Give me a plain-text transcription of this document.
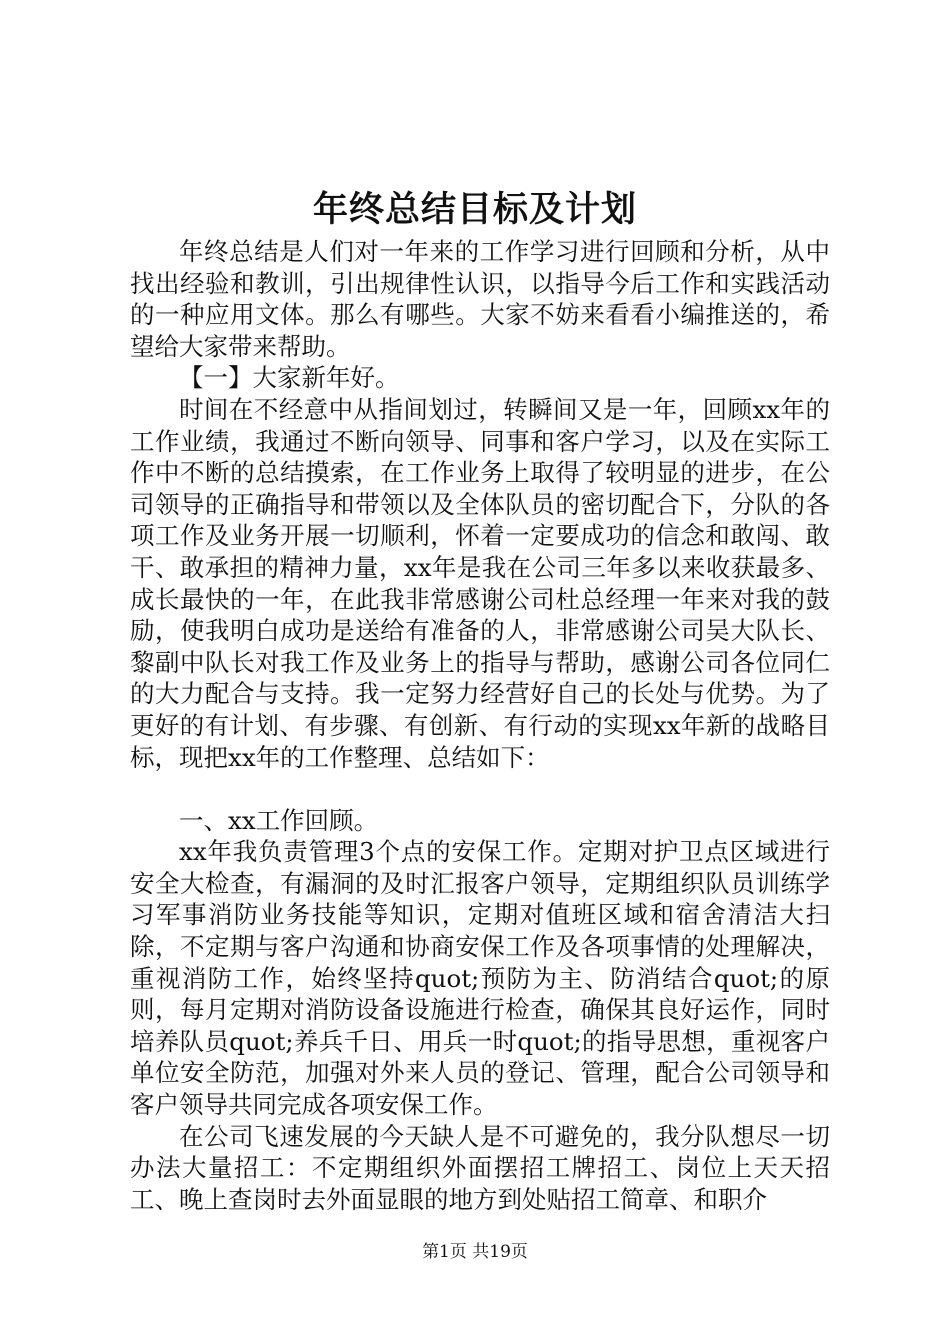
年终总结目标及计划

年终总结是人们对一年来的工作学习进行回顾和分析，从中找出经验和教训，引出规律性认识，以指导今后工作和实践活动的一种应用文体。那么有哪些。大家不妨来看看小编推送的，希望给大家带来帮助。

【一】大家新年好。

时间在不经意中从指间划过，转瞬间又是一年，回顾xx年的工作业绩，我通过不断向领导、同事和客户学习，以及在实际工作中不断的总结摸索，在工作业务上取得了较明显的进步，在公司领导的正确指导和带领以及全体队员的密切配合下，分队的各项工作及业务开展一切顺利，怀着一定要成功的信念和敢闯、敢干、敢承担的精神力量，xx年是我在公司三年多以来收获最多、成长最快的一年，在此我非常感谢公司杜总经理一年来对我的鼓励，使我明白成功是送给有准备的人，非常感谢公司吴大队长、黎副中队长对我工作及业务上的指导与帮助，感谢公司各位同仁的大力配合与支持。我一定努力经营好自己的长处与优势。为了更好的有计划、有步骤、有创新、有行动的实现xx年新的战略目标，现把xx年的工作整理、总结如下：

一、xx工作回顾。

xx年我负责管理3个点的安保工作。定期对护卫点区域进行安全大检查，有漏洞的及时汇报客户领导，定期组织队员训练学习军事消防业务技能等知识，定期对值班区域和宿舍清洁大扫除，不定期与客户沟通和协商安保工作及各项事情的处理解决，重视消防工作，始终坚持quot;预防为主、防消结合quot;的原则，每月定期对消防设备设施进行检查，确保其良好运作，同时培养队员quot;养兵千日、用兵一时quot;的指导思想，重视客户单位安全防范，加强对外来人员的登记、管理，配合公司领导和客户领导共同完成各项安保工作。

在公司飞速发展的今天缺人是不可避免的，我分队想尽一切办法大量招工：不定期组织外面摆招工牌招工、岗位上天天招工、晚上查岗时去外面显眼的地方到处贴招工简章、和职介

第1页 共19页
